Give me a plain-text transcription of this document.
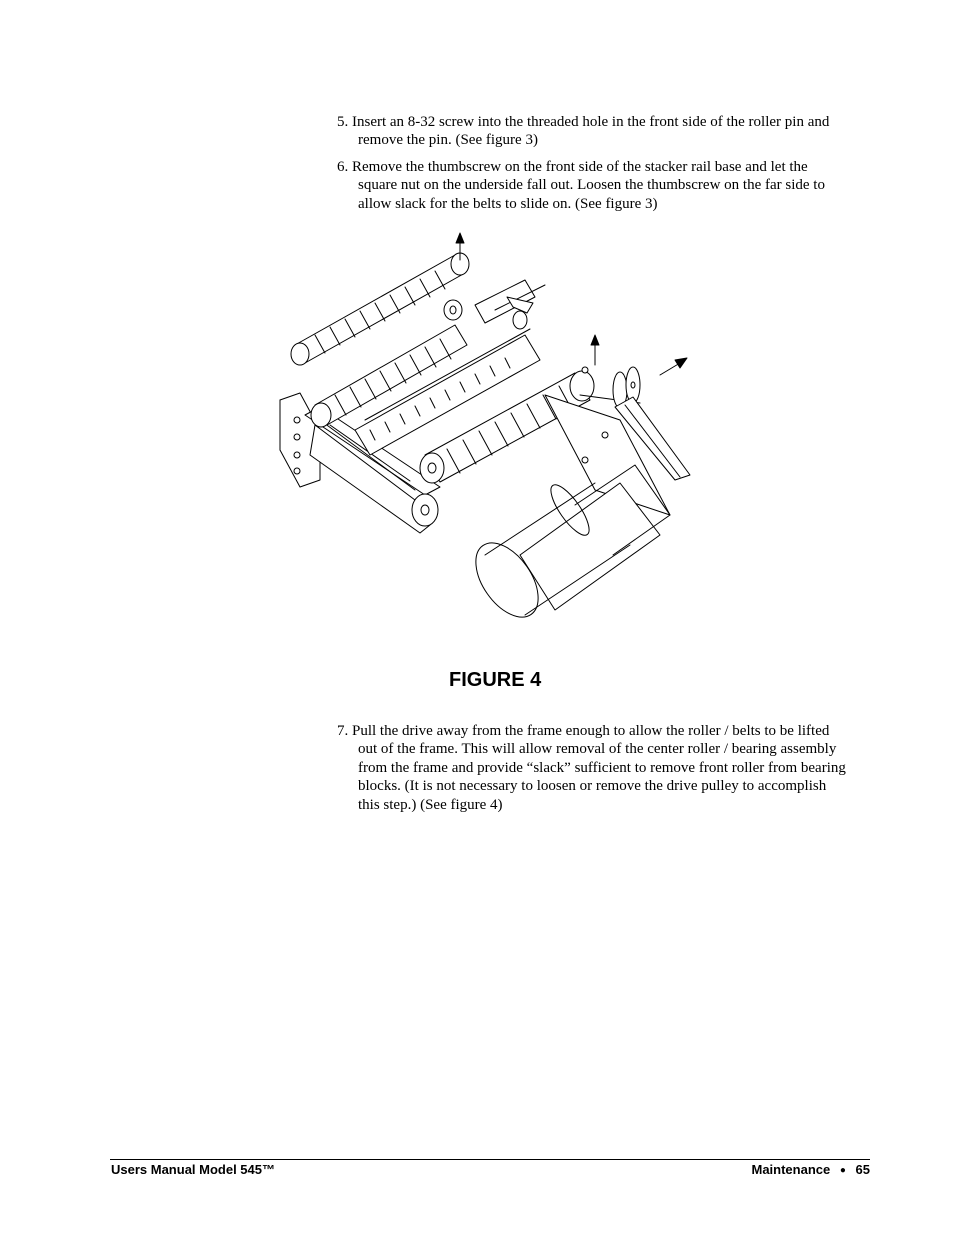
5. Insert an 8-32 screw into the threaded hole in the front side of the roller pin and
remove the pin. (See figure 3)
6. Remove the thumbscrew on the front side of the stacker rail base and let the
square nut on the underside fall out. Loosen the thumbscrew on the far side to
allow slack for the belts to slide on. (See figure 3)
FIGURE 4
7. Pull the drive away from the frame enough to allow the roller / belts to be lifted
out of the frame. This will allow removal of the center roller / bearing assembly
from the frame and provide “slack” sufficient to remove front roller from bearing
blocks. (It is not necessary to loosen or remove the drive pulley to accomplish
this step.) (See figure 4)
Users Manual Model 545™	Maintenance ● 65
